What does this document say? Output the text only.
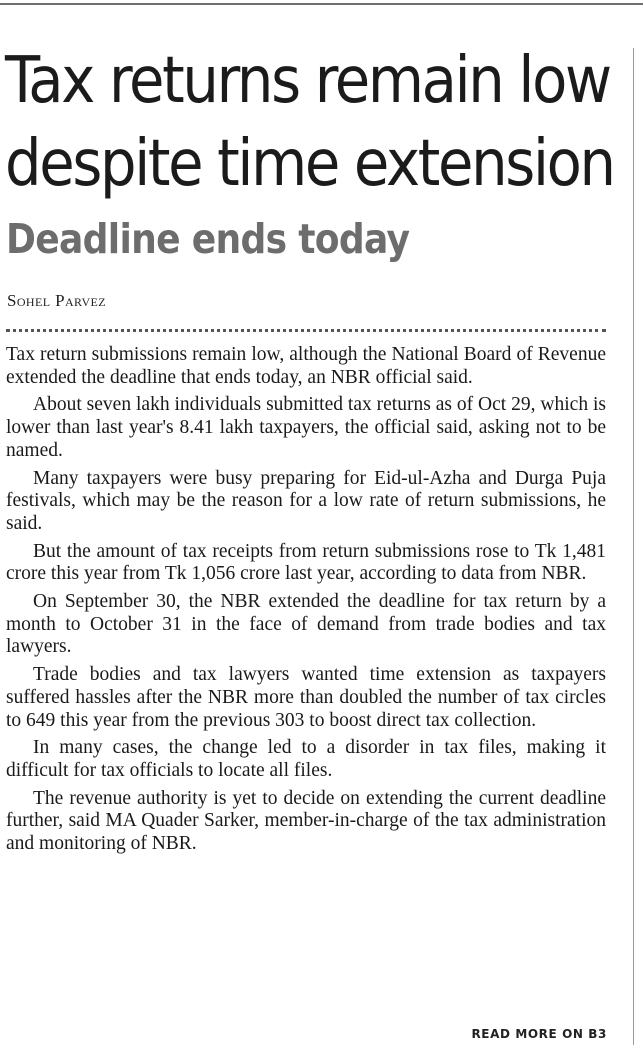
Tax returns remain low
despite time extension
Deadline ends today
Sohel Parvez

Tax return submissions remain low, although the National Board of Revenue extended the deadline that ends today, an NBR official said.

About seven lakh individuals submitted tax returns as of Oct 29, which is lower than last year's 8.41 lakh taxpayers, the official said, asking not to be named.

Many taxpayers were busy preparing for Eid-ul-Azha and Durga Puja festivals, which may be the reason for a low rate of return submissions, he said.

But the amount of tax receipts from return submissions rose to Tk 1,481 crore this year from Tk 1,056 crore last year, according to data from NBR.

On September 30, the NBR extended the deadline for tax return by a month to October 31 in the face of demand from trade bodies and tax lawyers.

Trade bodies and tax lawyers wanted time extension as taxpayers suffered hassles after the NBR more than doubled the number of tax circles to 649 this year from the previous 303 to boost direct tax collection.

In many cases, the change led to a disorder in tax files, making it difficult for tax officials to locate all files.

The revenue authority is yet to decide on extending the current deadline further, said MA Quader Sarker, member-in-charge of the tax administration and monitoring of NBR.

READ MORE ON B3
